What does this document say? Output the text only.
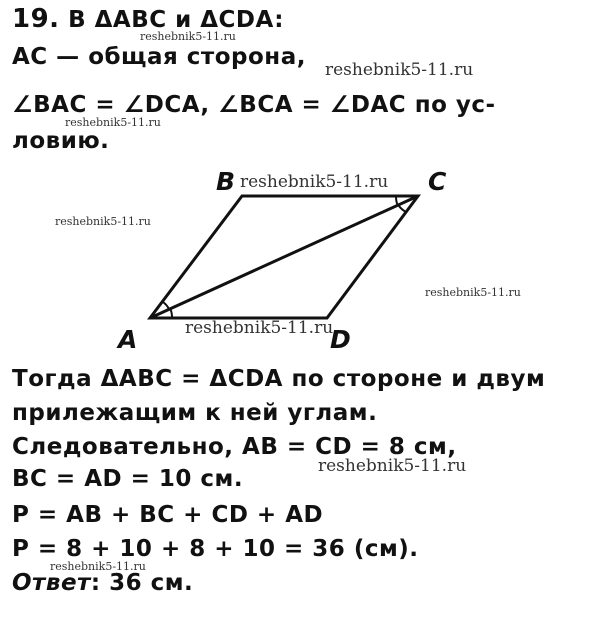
19. В ΔABC и ΔCDA:
AC — общая сторона,
∠BAC = ∠DCA, ∠BCA = ∠DAC по ус-
ловию.
B	C
A	D
Тогда ΔABC = ΔCDA по стороне и двум
прилежащим к ней углам.
Следовательно, AB = CD = 8 см,
BC = AD = 10 см.
P = AB + BC + CD + AD
P = 8 + 10 + 8 + 10 = 36 (см).
Ответ: 36 см.
reshebnik5-11.ru
reshebnik5-11.ru
reshebnik5-11.ru
reshebnik5-11.ru
reshebnik5-11.ru
reshebnik5-11.ru
reshebnik5-11.ru
reshebnik5-11.ru
reshebnik5-11.ru
